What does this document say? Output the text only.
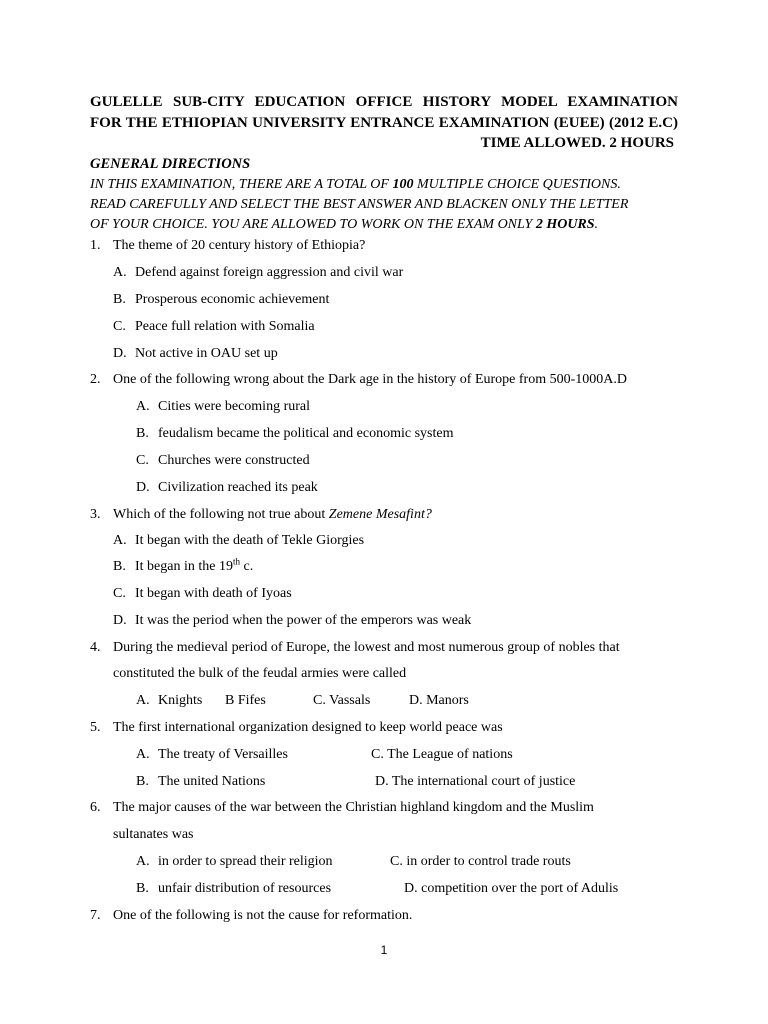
GULELLE SUB-CITY EDUCATION OFFICE HISTORY MODEL EXAMINATION
FOR THE ETHIOPIAN UNIVERSITY ENTRANCE EXAMINATION (EUEE) (2012 E.C)
TIME ALLOWED. 2 HOURS
GENERAL DIRECTIONS
IN THIS EXAMINATION, THERE ARE A TOTAL OF 100 MULTIPLE CHOICE QUESTIONS.
READ CAREFULLY AND SELECT THE BEST ANSWER AND BLACKEN ONLY THE LETTER
OF YOUR CHOICE. YOU ARE ALLOWED TO WORK ON THE EXAM ONLY 2 HOURS.
1. The theme of 20 century history of Ethiopia?
A. Defend against foreign aggression and civil war
B. Prosperous economic achievement
C. Peace full relation with Somalia
D. Not active in OAU set up
2. One of the following wrong about the Dark age in the history of Europe from 500-1000A.D
A. Cities were becoming rural
B. feudalism became the political and economic system
C. Churches were constructed
D. Civilization reached its peak
3. Which of the following not true about Zemene Mesafint?
A. It began with the death of Tekle Giorgies
B. It began in the 19th c.
C. It began with death of Iyoas
D. It was the period when the power of the emperors was weak
4. During the medieval period of Europe, the lowest and most numerous group of nobles that
constituted the bulk of the feudal armies were called
A. Knights B Fifes	C. Vassals	D. Manors
5. The first international organization designed to keep world peace was
A. The treaty of Versailles	C. The League of nations
B. The united Nations	D. The international court of justice
6. The major causes of the war between the Christian highland kingdom and the Muslim
sultanates was
A. in order to spread their religion	C. in order to control trade routs
B. unfair distribution of resources	D. competition over the port of Adulis
7. One of the following is not the cause for reformation.
1
